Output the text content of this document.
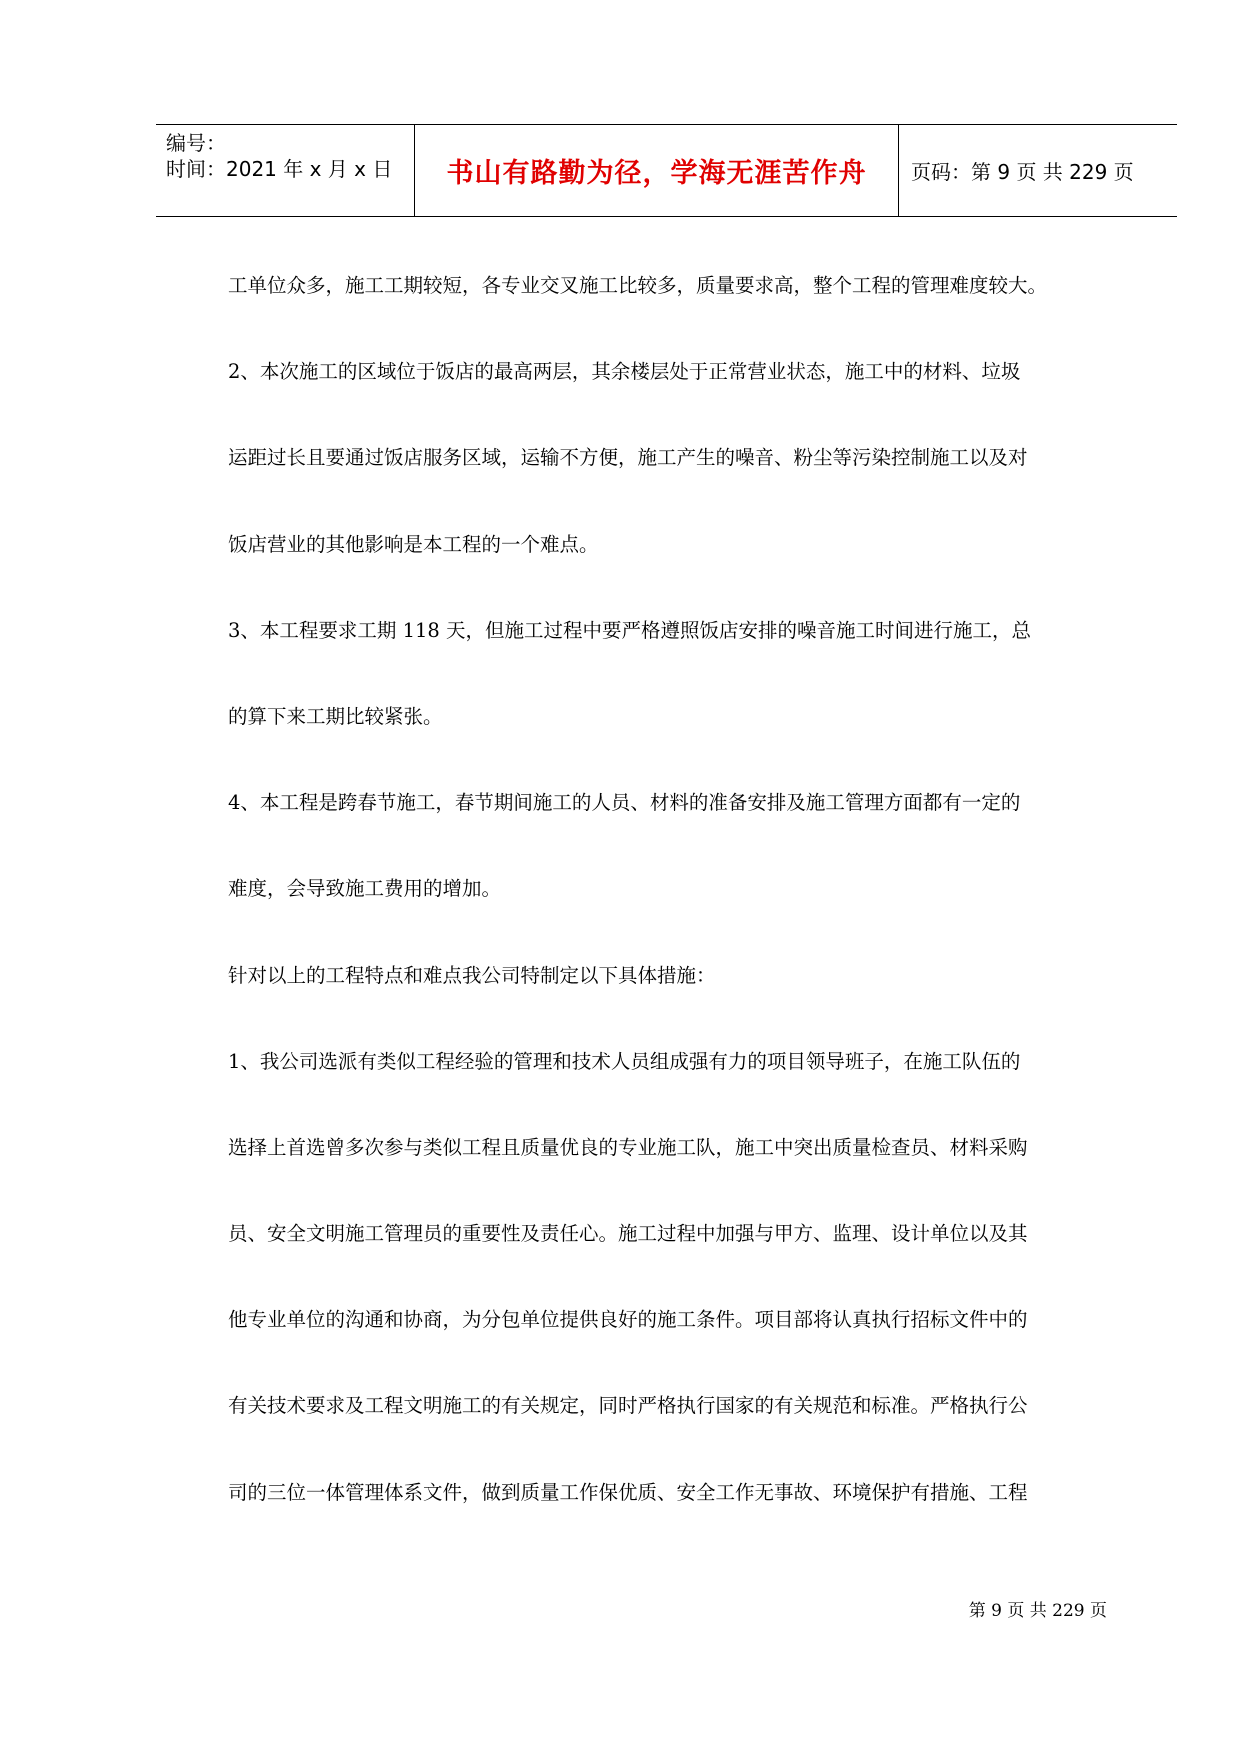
编号：
时间：2021 年 x 月 x 日 书山有路勤为径，学海无涯苦作舟 页码：第 9 页 共 229 页

工单位众多，施工工期较短，各专业交叉施工比较多，质量要求高，整个工程的管理难度较大。

2、本次施工的区域位于饭店的最高两层，其余楼层处于正常营业状态，施工中的材料、垃圾

运距过长且要通过饭店服务区域，运输不方便，施工产生的噪音、粉尘等污染控制施工以及对

饭店营业的其他影响是本工程的一个难点。

3、本工程要求工期 118 天，但施工过程中要严格遵照饭店安排的噪音施工时间进行施工，总

的算下来工期比较紧张。

4、本工程是跨春节施工，春节期间施工的人员、材料的准备安排及施工管理方面都有一定的

难度，会导致施工费用的增加。

针对以上的工程特点和难点我公司特制定以下具体措施：

1、我公司选派有类似工程经验的管理和技术人员组成强有力的项目领导班子，在施工队伍的

选择上首选曾多次参与类似工程且质量优良的专业施工队，施工中突出质量检查员、材料采购

员、安全文明施工管理员的重要性及责任心。施工过程中加强与甲方、监理、设计单位以及其

他专业单位的沟通和协商，为分包单位提供良好的施工条件。项目部将认真执行招标文件中的

有关技术要求及工程文明施工的有关规定，同时严格执行国家的有关规范和标准。严格执行公

司的三位一体管理体系文件，做到质量工作保优质、安全工作无事故、环境保护有措施、工程

第 9 页 共 229 页
